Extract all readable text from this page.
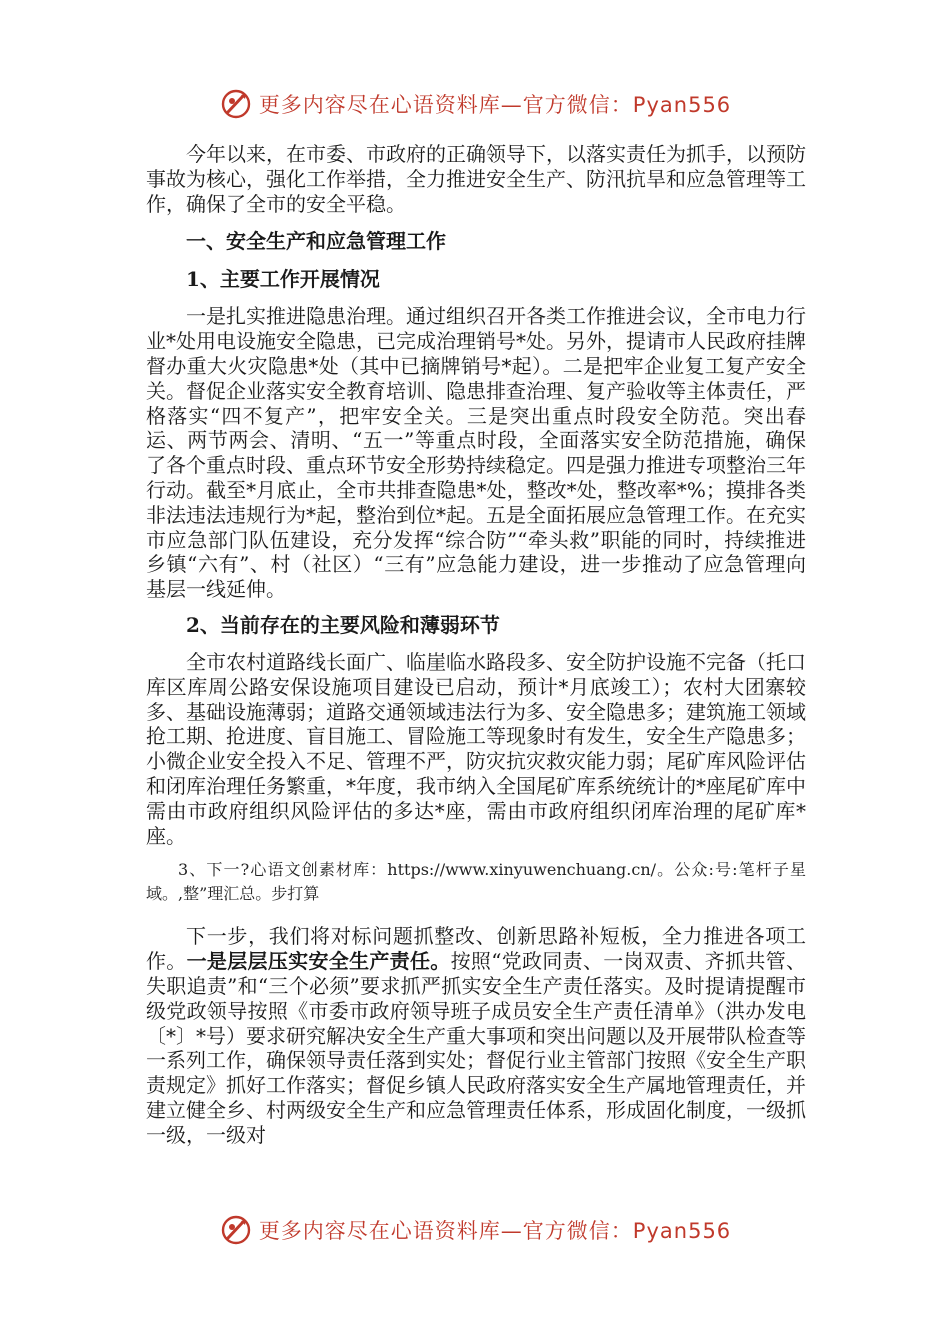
更多内容尽在心语资料库—官方微信：Pyan556

今年以来，在市委、市政府的正确领导下，以落实责任为抓手，以预防事故为核心，强化工作举措，全力推进安全生产、防汛抗旱和应急管理等工作，确保了全市的安全平稳。

一、安全生产和应急管理工作
1、主要工作开展情况

一是扎实推进隐患治理。通过组织召开各类工作推进会议，全市电力行业*处用电设施安全隐患，已完成治理销号*处。另外，提请市人民政府挂牌督办重大火灾隐患*处（其中已摘牌销号*起）。二是把牢企业复工复产安全关。督促企业落实安全教育培训、隐患排查治理、复产验收等主体责任，严格落实“四不复产”，把牢安全关。三是突出重点时段安全防范。突出春运、两节两会、清明、“五一”等重点时段，全面落实安全防范措施，确保了各个重点时段、重点环节安全形势持续稳定。四是强力推进专项整治三年行动。截至*月底止，全市共排查隐患*处，整改*处，整改率*%；摸排各类非法违法违规行为*起，整治到位*起。五是全面拓展应急管理工作。在充实市应急部门队伍建设，充分发挥“综合防”“牵头救”职能的同时，持续推进乡镇“六有”、村（社区）“三有”应急能力建设，进一步推动了应急管理向基层一线延伸。

2、当前存在的主要风险和薄弱环节

全市农村道路线长面广、临崖临水路段多、安全防护设施不完备（托口库区库周公路安保设施项目建设已启动，预计*月底竣工）；农村大团寨较多、基础设施薄弱；道路交通领域违法行为多、安全隐患多；建筑施工领域抢工期、抢进度、盲目施工、冒险施工等现象时有发生，安全生产隐患多；小微企业安全投入不足、管理不严，防灾抗灾救灾能力弱；尾矿库风险评估和闭库治理任务繁重，*年度，我市纳入全国尾矿库系统统计的*座尾矿库中需由市政府组织风险评估的多达*座，需由市政府组织闭库治理的尾矿库*座。

3、下一?心语文创素材库：https://www.xinyuwenchuang.cn/。公众:号:笔杆子星域。,整”理汇总。步打算

下一步，我们将对标问题抓整改、创新思路补短板，全力推进各项工作。一是层层压实安全生产责任。按照“党政同责、一岗双责、齐抓共管、失职追责”和“三个必须”要求抓严抓实安全生产责任落实。及时提请提醒市级党政领导按照《市委市政府领导班子成员安全生产责任清单》（洪办发电〔*〕*号）要求研究解决安全生产重大事项和突出问题以及开展带队检查等一系列工作，确保领导责任落到实处；督促行业主管部门按照《安全生产职责规定》抓好工作落实；督促乡镇人民政府落实安全生产属地管理责任，并建立健全乡、村两级安全生产和应急管理责任体系，形成固化制度，一级抓一级，一级对

更多内容尽在心语资料库—官方微信：Pyan556
